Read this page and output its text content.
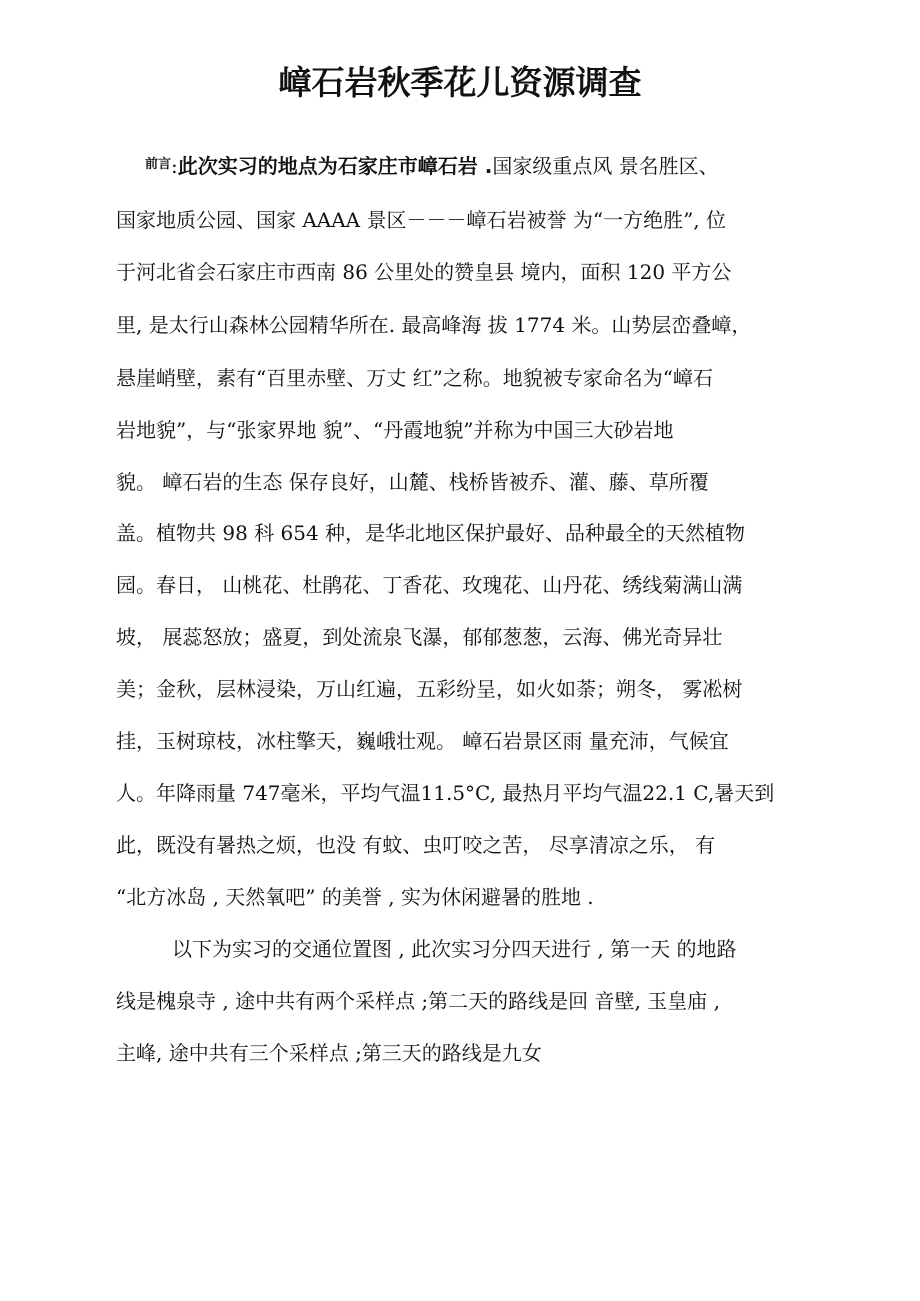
嶂石岩秋季花儿资源调查

$^{前言}$:此次实习的地点为石家庄市嶂石岩 .国家级重点风 景名胜区、

国家地质公园、国家 AAAA 景区－－－嶂石岩被誉 为“一方绝胜”, 位

于河北省会石家庄市西南 86 公里处的赞皇县 境内，面积 120 平方公

里, 是太行山森林公园精华所在. 最高峰海 拔 1774 米。山势层峦叠嶂，

悬崖峭壁，素有“百里赤壁、万丈 红”之称。地貌被专家命名为“嶂石

岩地貌”，与“张家界地 貌”、“丹霞地貌”并称为中国三大砂岩地

貌。 嶂石岩的生态 保存良好，山麓、栈桥皆被乔、灌、藤、草所覆

盖。植物共 98 科 654 种，是华北地区保护最好、品种最全的天然植物

园。春日， 山桃花、杜鹃花、丁香花、玫瑰花、山丹花、绣线菊满山满

坡， 展蕊怒放；盛夏，到处流泉飞瀑，郁郁葱葱，云海、佛光奇异壮

美；金秋，层林浸染，万山红遍，五彩纷呈，如火如荼；朔冬， 雾凇树

挂，玉树琼枝，冰柱擎天，巍峨壮观。 嶂石岩景区雨 量充沛，气候宜

人。年降雨量 747毫米，平均气温11.5°C, 最热月平均气温22.1 C,暑天到

此，既没有暑热之烦，也没 有蚊、虫叮咬之苦， 尽享清凉之乐， 有

“北方冰岛 , 天然氧吧” 的美誉 , 实为休闲避暑的胜地 .

以下为实习的交通位置图 , 此次实习分四天进行 , 第一天 的地路

线是槐泉寺 , 途中共有两个采样点 ;第二天的路线是回 音壁, 玉皇庙 ,

主峰, 途中共有三个采样点 ;第三天的路线是九女
